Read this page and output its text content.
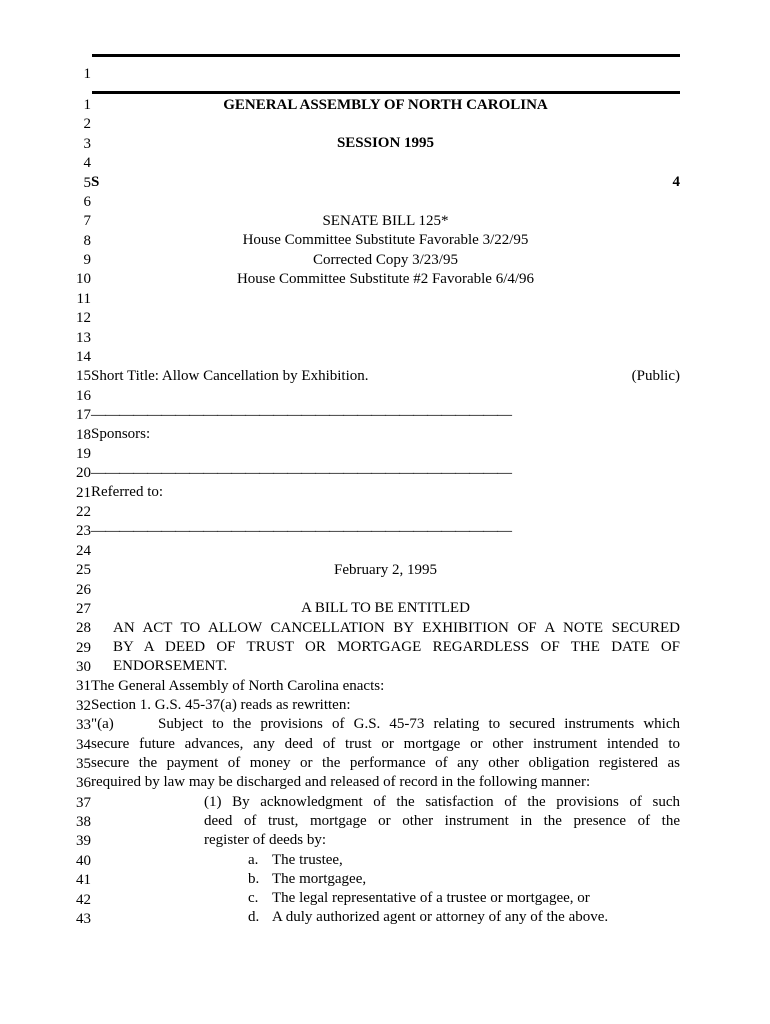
1
1
2
3
4
5
6
7
8
9
10
11
12
13
14
15
16
17
18
19
20
21
22
23
24
25
26
27
28
29
30
31
32
33
34
35
36
37
38
39
40
41
42
43
GENERAL ASSEMBLY OF NORTH CAROLINA
SESSION 1995
S	4
SENATE BILL 125*
House Committee Substitute Favorable 3/22/95
Corrected Copy 3/23/95
House Committee Substitute #2 Favorable 6/4/96
Short Title: Allow Cancellation by Exhibition.	(Public)
——————————————————————————————
Sponsors:
——————————————————————————————
Referred to:
——————————————————————————————
February 2, 1995
A BILL TO BE ENTITLED
AN ACT TO ALLOW CANCELLATION BY EXHIBITION OF A NOTE SECURED
BY A DEED OF TRUST OR MORTGAGE REGARDLESS OF THE DATE OF
ENDORSEMENT.
The General Assembly of North Carolina enacts:
Section 1. G.S. 45-37(a) reads as rewritten:
"(a)	Subject to the provisions of G.S. 45-73 relating to secured instruments which
secure future advances, any deed of trust or mortgage or other instrument intended to
secure the payment of money or the performance of any other obligation registered as
required by law may be discharged and released of record in the following manner:
(1) By acknowledgment of the satisfaction of the provisions of such
deed of trust, mortgage or other instrument in the presence of the
register of deeds by:
a. The trustee,
b. The mortgagee,
c. The legal representative of a trustee or mortgagee, or
d. A duly authorized agent or attorney of any of the above.
